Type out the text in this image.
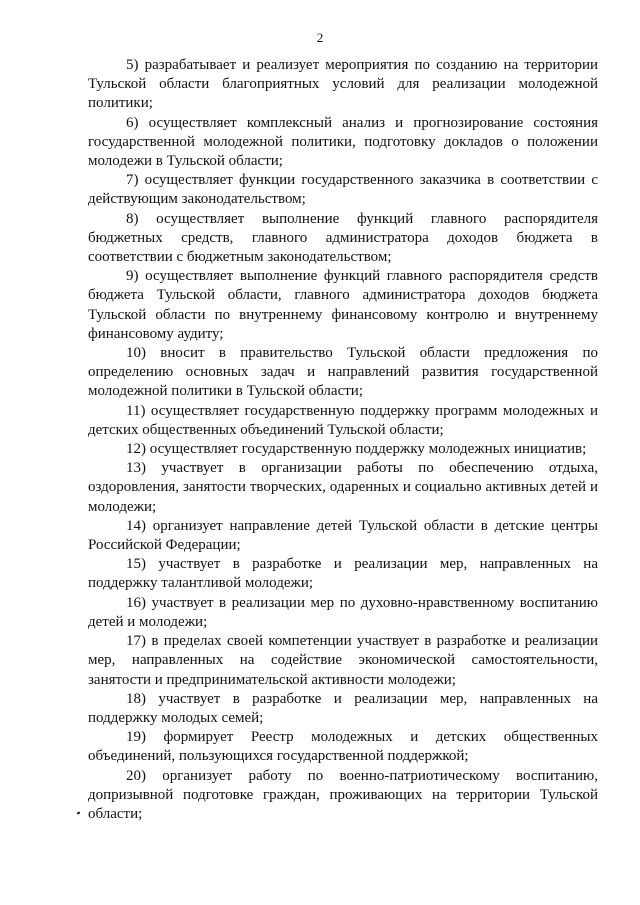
2

5) разрабатывает и реализует мероприятия по созданию на территории Тульской области благоприятных условий для реализации молодежной политики;

6) осуществляет комплексный анализ и прогнозирование состояния государственной молодежной политики, подготовку докладов о положении молодежи в Тульской области;

7) осуществляет функции государственного заказчика в соответствии с действующим законодательством;

8) осуществляет выполнение функций главного распорядителя бюджетных средств, главного администратора доходов бюджета в соответствии с бюджетным законодательством;

9) осуществляет выполнение функций главного распорядителя средств бюджета Тульской области, главного администратора доходов бюджета Тульской области по внутреннему финансовому контролю и внутреннему финансовому аудиту;

10) вносит в правительство Тульской области предложения по определению основных задач и направлений развития государственной молодежной политики в Тульской области;

11) осуществляет государственную поддержку программ молодежных и детских общественных объединений Тульской области;

12) осуществляет государственную поддержку молодежных инициатив;

13) участвует в организации работы по обеспечению отдыха, оздоровления, занятости творческих, одаренных и социально активных детей и молодежи;

14) организует направление детей Тульской области в детские центры Российской Федерации;

15) участвует в разработке и реализации мер, направленных на поддержку талантливой молодежи;

16) участвует в реализации мер по духовно-нравственному воспитанию детей и молодежи;

17) в пределах своей компетенции участвует в разработке и реализации мер, направленных на содействие экономической самостоятельности, занятости и предпринимательской активности молодежи;

18) участвует в разработке и реализации мер, направленных на поддержку молодых семей;

19) формирует Реестр молодежных и детских общественных объединений, пользующихся государственной поддержкой;

20) организует работу по военно-патриотическому воспитанию, допризывной подготовке граждан, проживающих на территории Тульской области;
